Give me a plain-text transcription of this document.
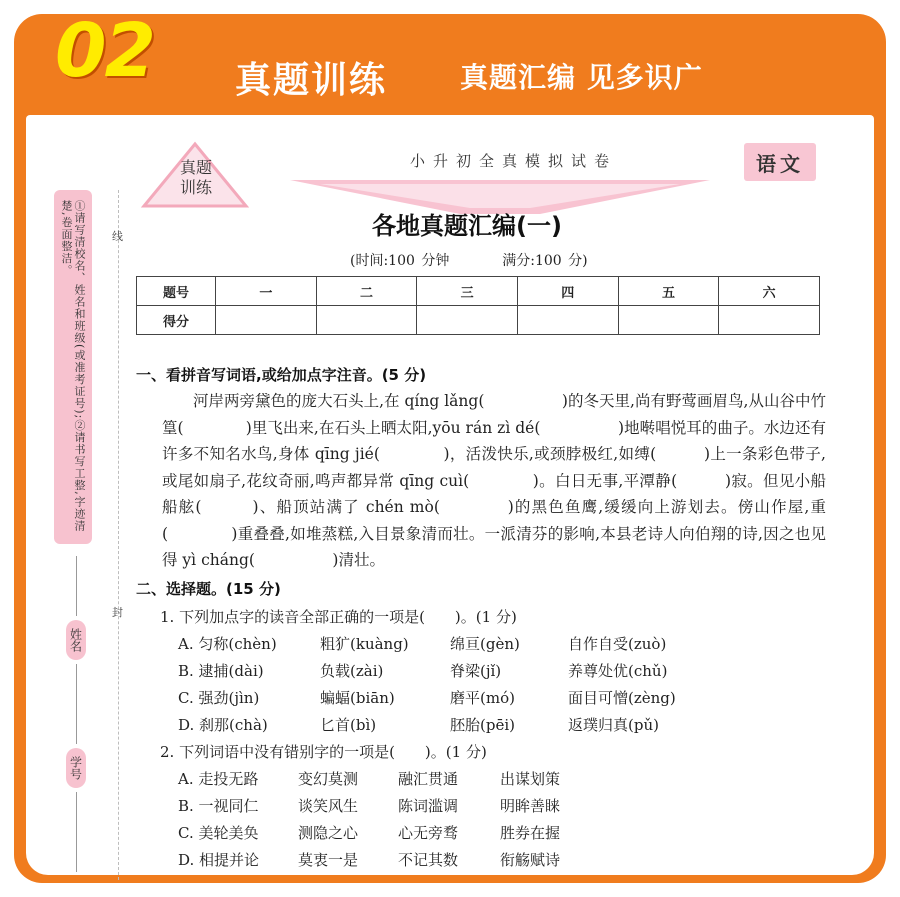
02 真题训练	真题汇编 见多识广
①请写清校名、姓名和班级(或准考证号);②请书写工整,字迹清楚,卷面整洁。	线
封
姓名
学号
真题
训练
小升初全真模拟试卷	语文
各地真题汇编(一)
(时间:100 分钟	满分:100 分)
题号	一	二	三	四	五	六
得分						
一、看拼音写词语,或给加点字注音。(5 分)
河岸两旁黛色的庞大石头上,在 qíng lǎng(　　　　　)的冬天里,尚有野莺画眉鸟,从山谷中竹篁(　　　　)里飞出来,在石头上晒太阳,yōu rán zì dé(　　　　　)地啭唱悦耳的曲子。水边还有许多不知名水鸟,身体 qīng jié(　　　　)，活泼快乐,或颈脖极红,如缚(　　　)上一条彩色带子,或尾如扇子,花纹奇丽,鸣声都异常 qīng cuì(　　　　)。白日无事,平潭静(　　　)寂。但见小船船舷(　　　)、船顶站满了 chén mò(　　　　)的黑色鱼鹰,缓缓向上游划去。傍山作屋,重(　　　　)重叠叠,如堆蒸糕,入目景象清而壮。一派清芬的影响,本县老诗人向伯翔的诗,因之也见得 yì cháng(　　　　　)清壮。
二、选择题。(15 分)
1. 下列加点字的读音全部正确的一项是(　　)。(1 分)
A. 匀称(chèn)	粗犷(kuàng)	绵亘(gèn)	自作自受(zuò)
B. 逮捕(dài)	负载(zài)	脊梁(jǐ)	养尊处优(chǔ)
C. 强劲(jìn)	蝙蝠(biān)	磨平(mó)	面目可憎(zèng)
D. 刹那(chà)	匕首(bì)	胚胎(pēi)	返璞归真(pǔ)
2. 下列词语中没有错别字的一项是(　　)。(1 分)
A. 走投无路	变幻莫测	融汇贯通	出谋划策
B. 一视同仁	谈笑风生	陈词滥调	明眸善睐
C. 美轮美奂	测隐之心	心无旁骛	胜券在握
D. 相提并论	莫衷一是	不记其数	衔觞赋诗
